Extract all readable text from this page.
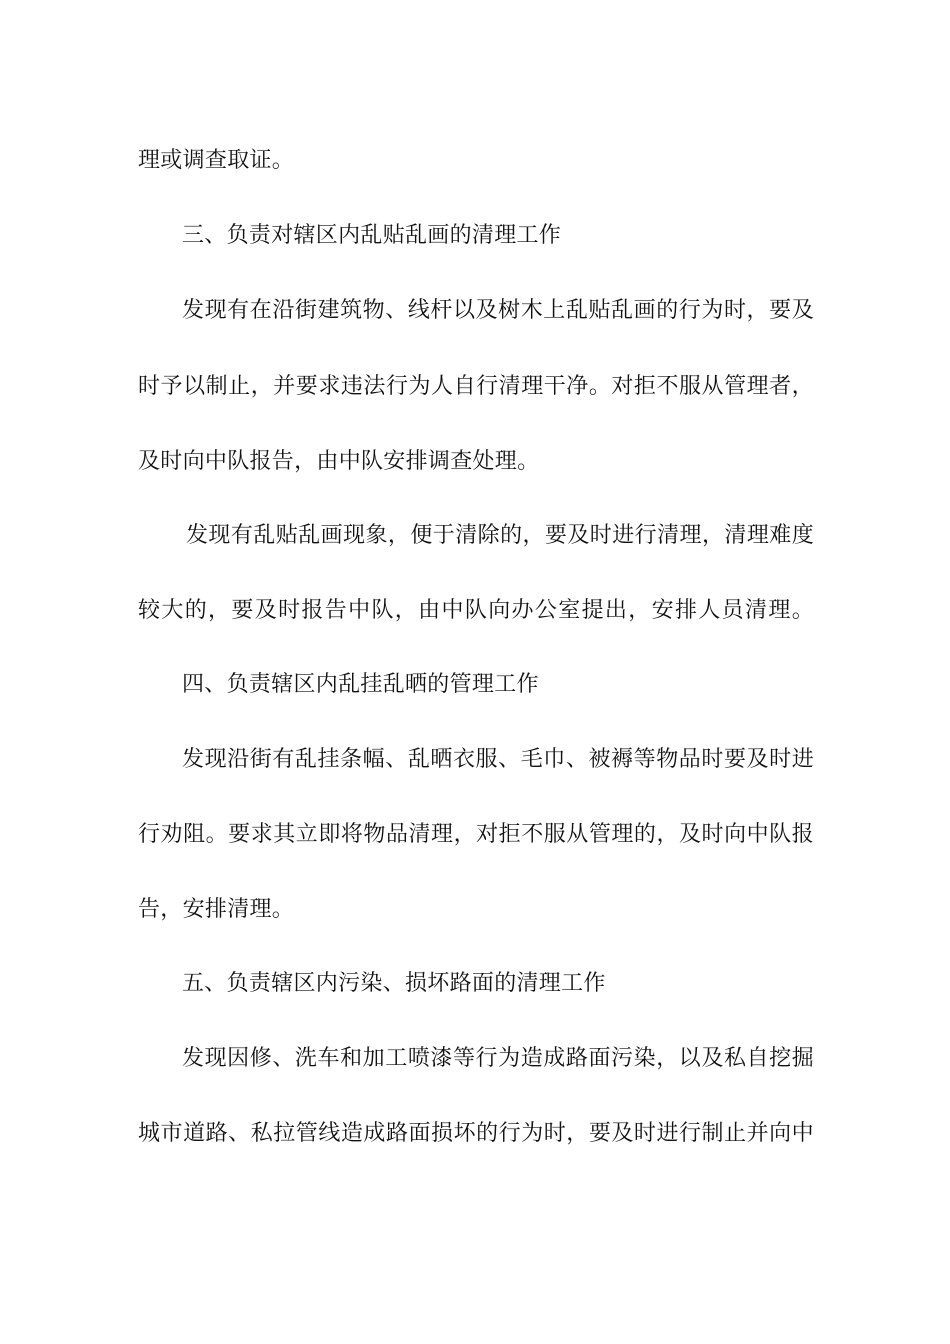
理或调查取证。
三、负责对辖区内乱贴乱画的清理工作
发现有在沿街建筑物、线杆以及树木上乱贴乱画的行为时，要及
时予以制止，并要求违法行为人自行清理干净。对拒不服从管理者，
及时向中队报告，由中队安排调查处理。
发现有乱贴乱画现象，便于清除的，要及时进行清理，清理难度
较大的，要及时报告中队，由中队向办公室提出，安排人员清理。
四、负责辖区内乱挂乱晒的管理工作
发现沿街有乱挂条幅、乱晒衣服、毛巾、被褥等物品时要及时进
行劝阻。要求其立即将物品清理，对拒不服从管理的，及时向中队报
告，安排清理。
五、负责辖区内污染、损坏路面的清理工作
发现因修、洗车和加工喷漆等行为造成路面污染，以及私自挖掘
城市道路、私拉管线造成路面损坏的行为时，要及时进行制止并向中
